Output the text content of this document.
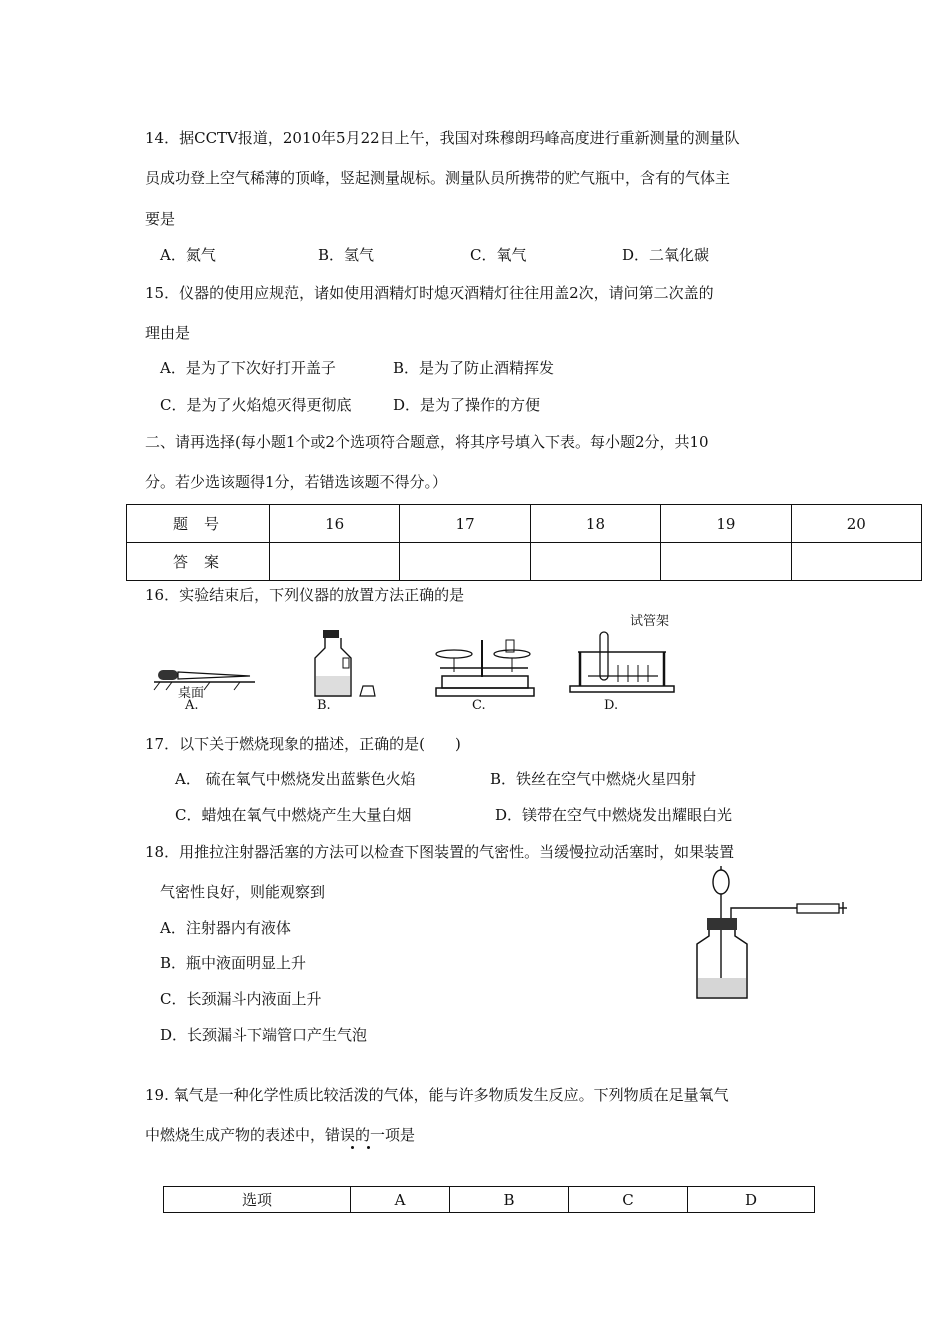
14．据CCTV报道，2010年5月22日上午，我国对珠穆朗玛峰高度进行重新测量的测量队
员成功登上空气稀薄的顶峰，竖起测量觇标。测量队员所携带的贮气瓶中，含有的气体主
要是
A．氮气	B．氢气	C．氧气	D．二氧化碳
15．仪器的使用应规范，诸如使用酒精灯时熄灭酒精灯往往用盖2次，请问第二次盖的
理由是
A．是为了下次好打开盖子	B．是为了防止酒精挥发
C．是为了火焰熄灭得更彻底	D．是为了操作的方便
二、请再选择(每小题1个或2个选项符合题意，将其序号填入下表。每小题2分，共10
分。若少选该题得1分，若错选该题不得分。）
题号	16	17	18	19	20
答案					
16．实验结束后，下列仪器的放置方法正确的是
桌面
A.	B.	C.
试管架
D.
17．以下关于燃烧现象的描述，正确的是(　　)
A． 硫在氧气中燃烧发出蓝紫色火焰	B．铁丝在空气中燃烧火星四射
C．蜡烛在氧气中燃烧产生大量白烟	D．镁带在空气中燃烧发出耀眼白光
18．用推拉注射器活塞的方法可以检查下图装置的气密性。当缓慢拉动活塞时，如果装置
气密性良好，则能观察到
A．注射器内有液体
B．瓶中液面明显上升
C．长颈漏斗内液面上升
D．长颈漏斗下端管口产生气泡
19. 氧气是一种化学性质比较活泼的气体，能与许多物质发生反应。下列物质在足量氧气
中燃烧生成产物的表述中，错误的一项是
选项	A	B	C	D
